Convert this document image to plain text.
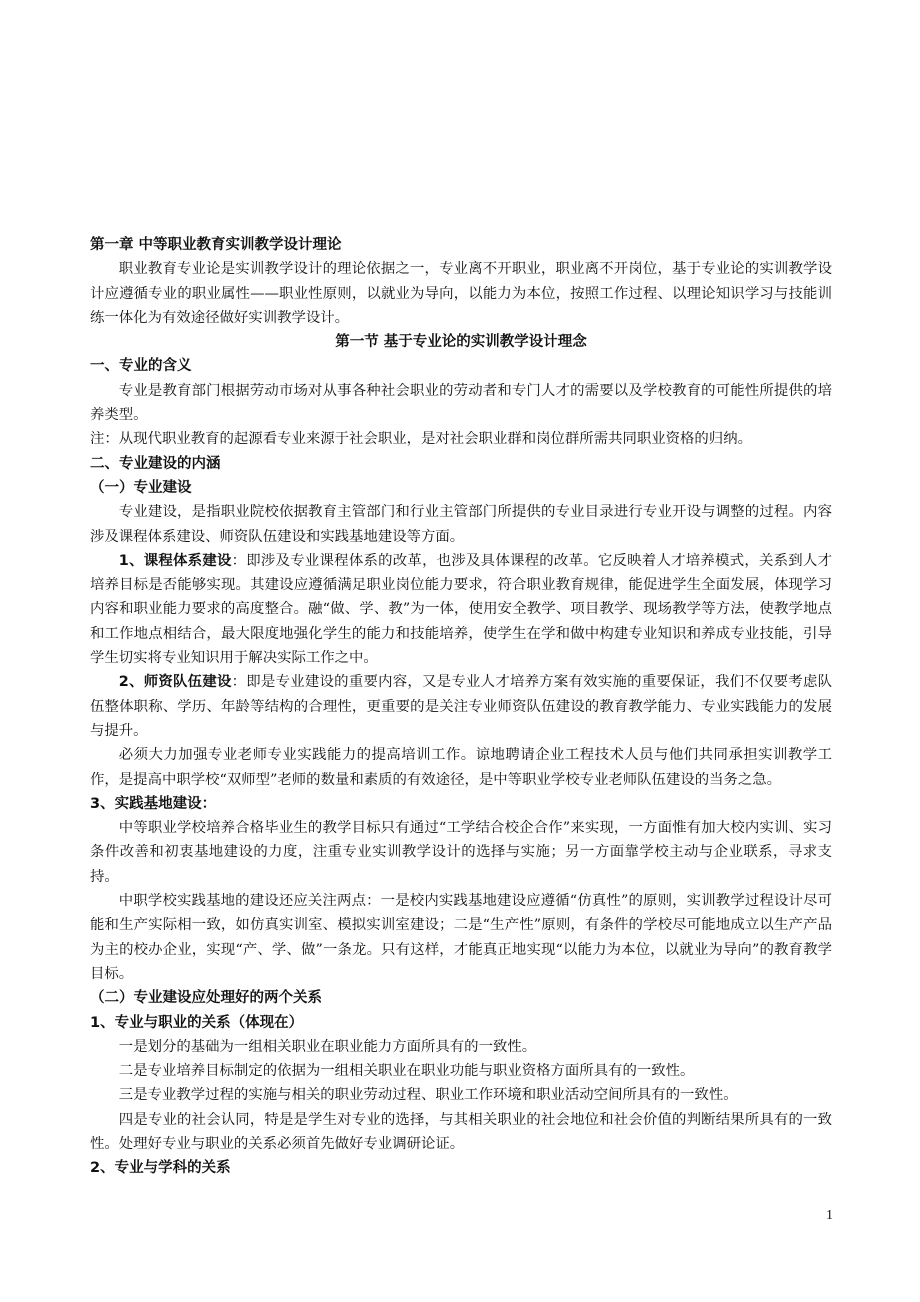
第一章 中等职业教育实训教学设计理论

职业教育专业论是实训教学设计的理论依据之一，专业离不开职业，职业离不开岗位，基于专业论的实训教学设计应遵循专业的职业属性——职业性原则，以就业为导向，以能力为本位，按照工作过程、以理论知识学习与技能训练一体化为有效途径做好实训教学设计。

第一节 基于专业论的实训教学设计理念
一、专业的含义

专业是教育部门根据劳动市场对从事各种社会职业的劳动者和专门人才的需要以及学校教育的可能性所提供的培养类型。

注：从现代职业教育的起源看专业来源于社会职业，是对社会职业群和岗位群所需共同职业资格的归纳。

二、专业建设的内涵
（一）专业建设

专业建设，是指职业院校依据教育主管部门和行业主管部门所提供的专业目录进行专业开设与调整的过程。内容涉及课程体系建设、师资队伍建设和实践基地建设等方面。

1、课程体系建设：即涉及专业课程体系的改革，也涉及具体课程的改革。它反映着人才培养模式，关系到人才培养目标是否能够实现。其建设应遵循满足职业岗位能力要求，符合职业教育规律，能促进学生全面发展，体现学习内容和职业能力要求的高度整合。融“做、学、教”为一体，使用安全教学、项目教学、现场教学等方法，使教学地点和工作地点相结合，最大限度地强化学生的能力和技能培养，使学生在学和做中构建专业知识和养成专业技能，引导学生切实将专业知识用于解决实际工作之中。

2、师资队伍建设：即是专业建设的重要内容，又是专业人才培养方案有效实施的重要保证，我们不仅要考虑队伍整体职称、学历、年龄等结构的合理性，更重要的是关注专业师资队伍建设的教育教学能力、专业实践能力的发展与提升。

必须大力加强专业老师专业实践能力的提高培训工作。谅地聘请企业工程技术人员与他们共同承担实训教学工作，是提高中职学校“双师型”老师的数量和素质的有效途径，是中等职业学校专业老师队伍建设的当务之急。

3、实践基地建设：

中等职业学校培养合格毕业生的教学目标只有通过“工学结合校企合作”来实现，一方面惟有加大校内实训、实习条件改善和初衷基地建设的力度，注重专业实训教学设计的选择与实施；另一方面靠学校主动与企业联系，寻求支持。

中职学校实践基地的建设还应关注两点：一是校内实践基地建设应遵循“仿真性”的原则，实训教学过程设计尽可能和生产实际相一致，如仿真实训室、模拟实训室建设；二是“生产性”原则，有条件的学校尽可能地成立以生产产品为主的校办企业，实现“产、学、做”一条龙。只有这样，才能真正地实现“以能力为本位，以就业为导向”的教育教学目标。

（二）专业建设应处理好的两个关系
1、专业与职业的关系（体现在）

一是划分的基础为一组相关职业在职业能力方面所具有的一致性。

二是专业培养目标制定的依据为一组相关职业在职业功能与职业资格方面所具有的一致性。

三是专业教学过程的实施与相关的职业劳动过程、职业工作环境和职业活动空间所具有的一致性。

四是专业的社会认同，特是是学生对专业的选择，与其相关职业的社会地位和社会价值的判断结果所具有的一致性。处理好专业与职业的关系必须首先做好专业调研论证。

2、专业与学科的关系
1
